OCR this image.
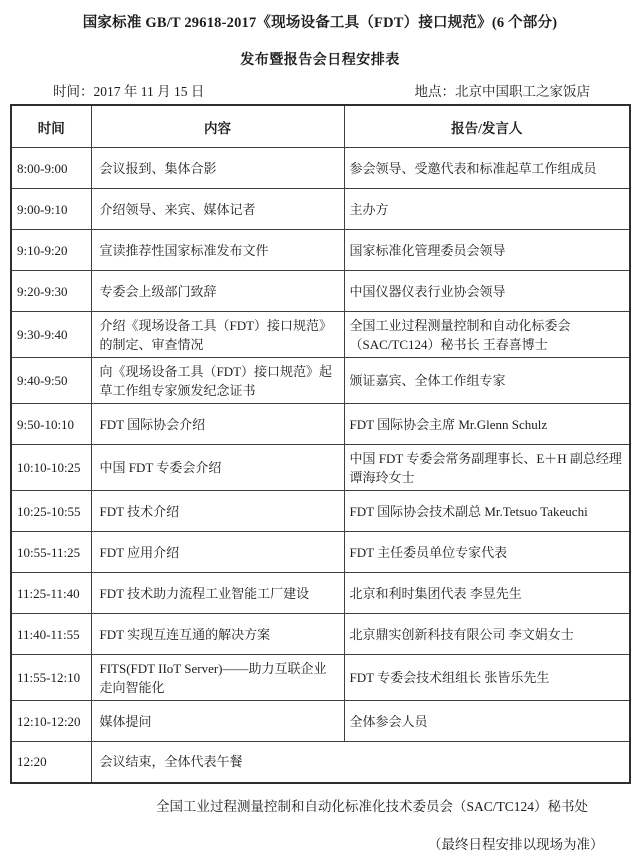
国家标准 GB/T 29618-2017《现场设备工具（FDT）接口规范》(6 个部分)
发布暨报告会日程安排表
时间：2017 年 11 月 15 日	地点：北京中国职工之家饭店
时间	内容	报告/发言人
8:00-9:00	会议报到、集体合影	参会领导、受邀代表和标准起草工作组成员
9:00-9:10	介绍领导、来宾、媒体记者	主办方
9:10-9:20	宣读推荐性国家标准发布文件	国家标准化管理委员会领导
9:20-9:30	专委会上级部门致辞	中国仪器仪表行业协会领导
9:30-9:40	介绍《现场设备工具（FDT）接口规范》的制定、审查情况	全国工业过程测量控制和自动化标委会（SAC/TC124）秘书长 王春喜博士
9:40-9:50	向《现场设备工具（FDT）接口规范》起草工作组专家颁发纪念证书	颁证嘉宾、全体工作组专家
9:50-10:10	FDT 国际协会介绍	FDT 国际协会主席 Mr.Glenn Schulz
10:10-10:25	中国 FDT 专委会介绍	中国 FDT 专委会常务副理事长、E＋H 副总经理谭海玲女士
10:25-10:55	FDT 技术介绍	FDT 国际协会技术副总 Mr.Tetsuo Takeuchi
10:55-11:25	FDT 应用介绍	FDT 主任委员单位专家代表
11:25-11:40	FDT 技术助力流程工业智能工厂建设	北京和利时集团代表 李昱先生
11:40-11:55	FDT 实现互连互通的解决方案	北京鼎实创新科技有限公司 李文娟女士
11:55-12:10	FITS(FDT IIoT Server)——助力互联企业走向智能化	FDT 专委会技术组组长 张皆乐先生
12:10-12:20	媒体提问	全体参会人员
12:20	会议结束，全体代表午餐	
全国工业过程测量控制和自动化标准化技术委员会（SAC/TC124）秘书处
（最终日程安排以现场为准）
